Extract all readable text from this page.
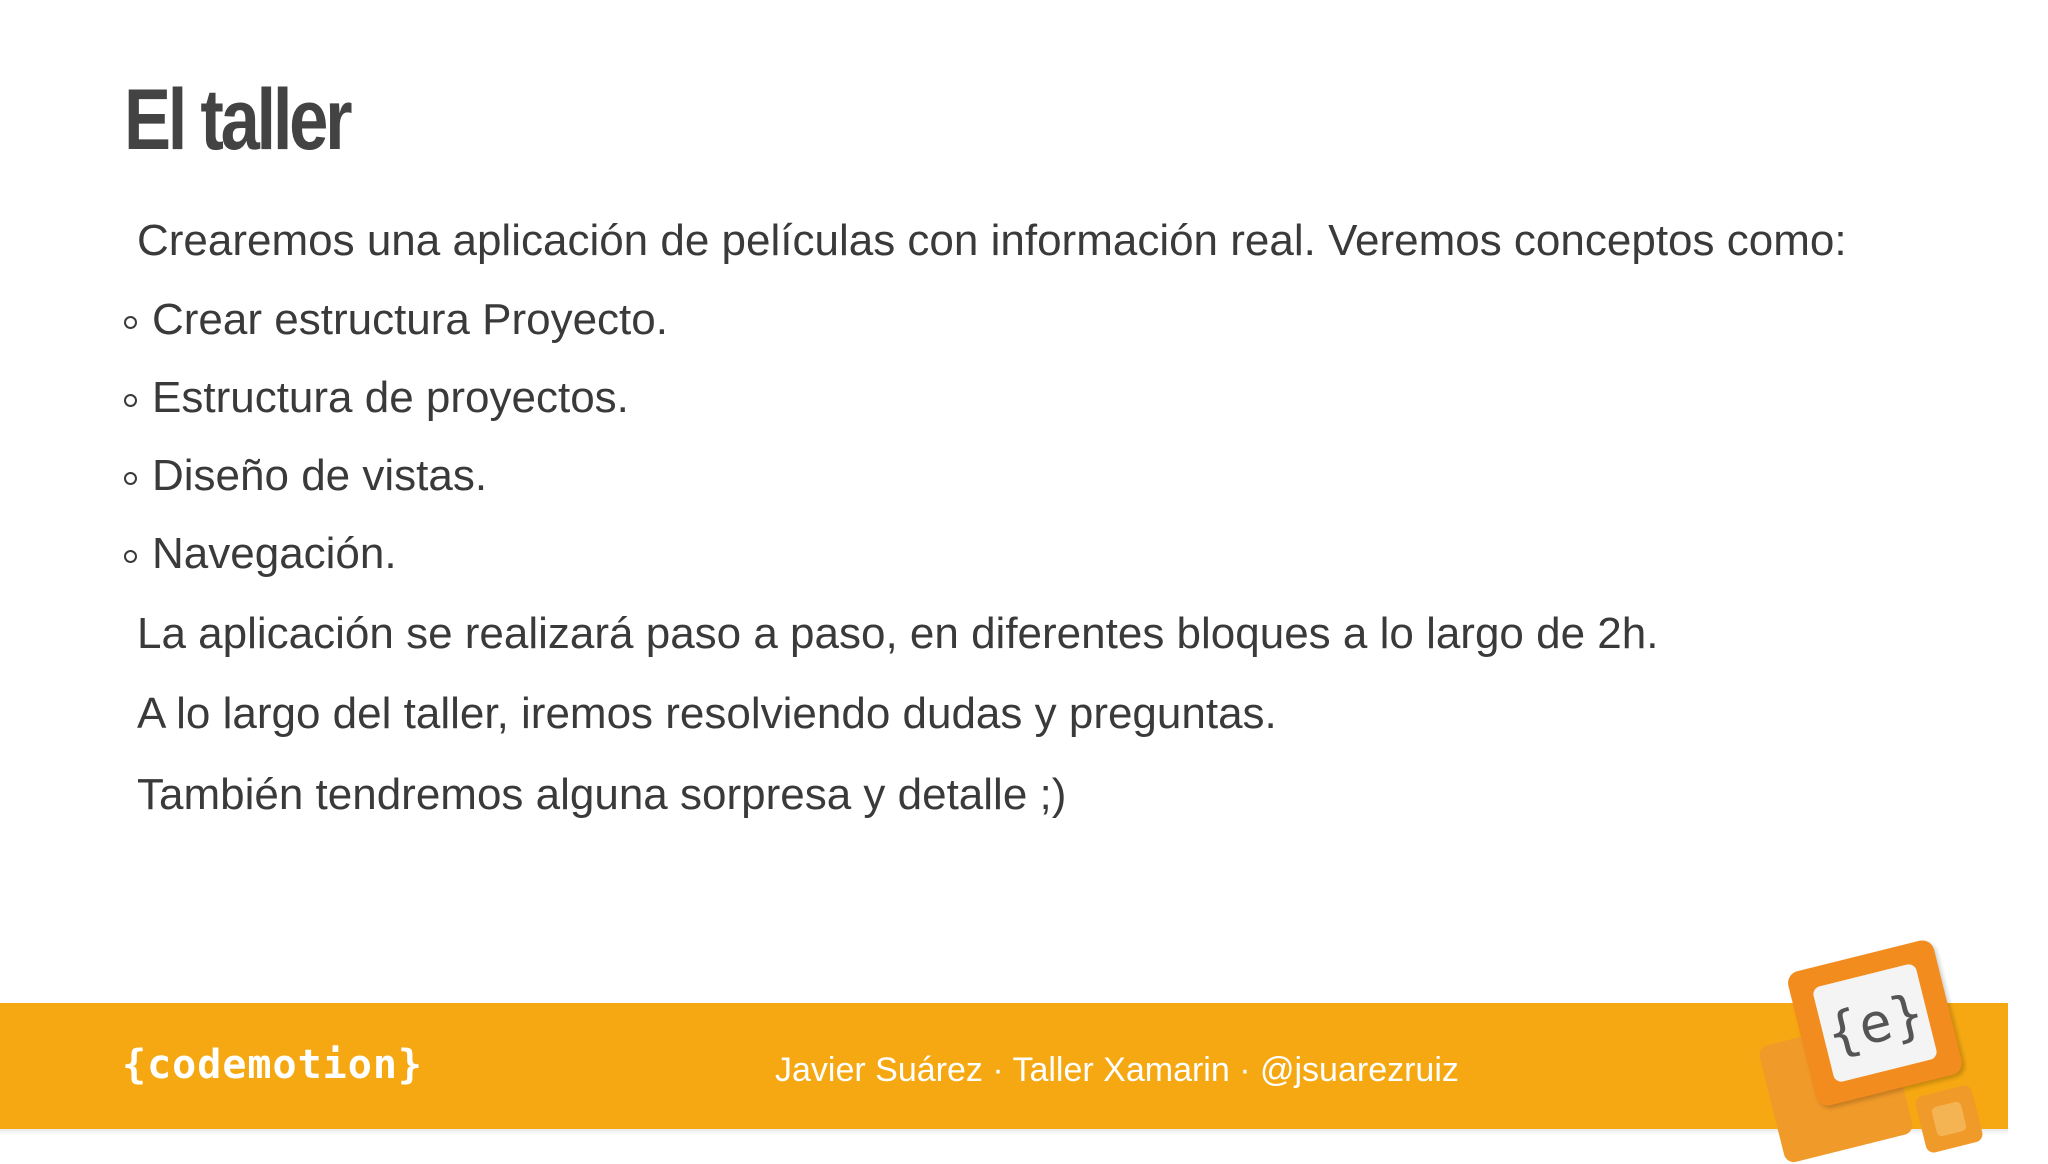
El taller
Crearemos una aplicación de películas con información real. Veremos conceptos como:
Crear estructura Proyecto.
Estructura de proyectos.
Diseño de vistas.
Navegación.
La aplicación se realizará paso a paso, en diferentes bloques a lo largo de 2h.
A lo largo del taller, iremos resolviendo dudas y preguntas.
También tendremos alguna sorpresa y detalle ;)
{codemotion}	Javier Suárez · Taller Xamarin · @jsuarezruiz
{e}
